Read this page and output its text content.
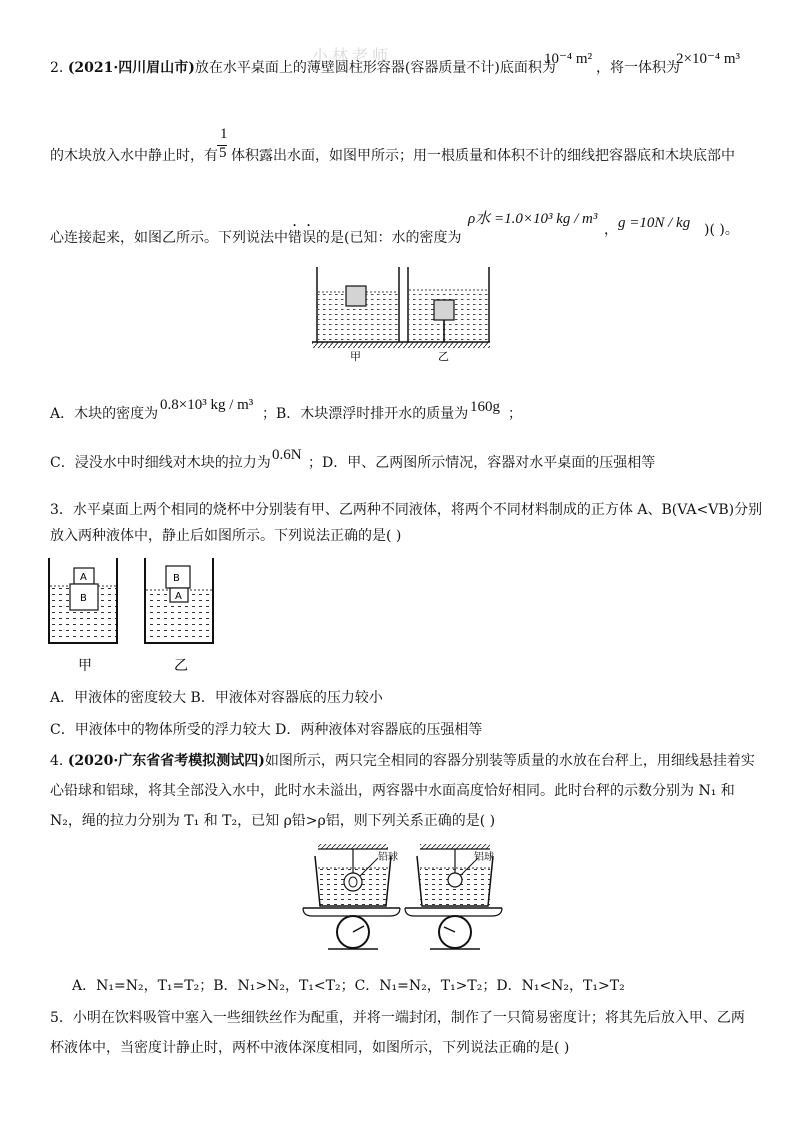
小林老师
2. (2021·四川眉山市)放在水平桌面上的薄壁圆柱形容器(容器质量不计)底面积为
10⁻⁴ m²
，将一体积为
2×10⁻⁴ m³
的木块放入水中静止时，有
1
5 体积露出水面，如图甲所示；用一根质量和体积不计的细线把容器底和木块底部中
心连接起来，如图乙所示。下列说法中错误的是(已知：水的密度为
ρ水 =1.0×10³ kg / m³
， g =10N / kg )( )。
甲	乙
A．木块的密度为
0.8×10³ kg / m³
；B．木块漂浮时排开水的质量为 160g ；
C．浸没水中时细线对木块的拉力为 0.6N ；D．甲、乙两图所示情况，容器对水平桌面的压强相等
3．水平桌面上两个相同的烧杯中分别装有甲、乙两种不同液体，将两个不同材料制成的正方体 A、B(VA<VB)分别
放入两种液体中，静止后如图所示。下列说法正确的是( )
A
B
B
A
甲	乙
A．甲液体的密度较大 B．甲液体对容器底的压力较小
C．甲液体中的物体所受的浮力较大 D．两种液体对容器底的压强相等
4. (2020·广东省省考模拟测试四)如图所示，两只完全相同的容器分别装等质量的水放在台秤上，用细线悬挂着实
心铅球和铝球，将其全部没入水中，此时水未溢出，两容器中水面高度恰好相同。此时台秤的示数分别为 N₁ 和
N₂，绳的拉力分别为 T₁ 和 T₂，已知 ρ铅>ρ铝，则下列关系正确的是( )
铅球	铝球
A．N₁=N₂，T₁=T₂；B．N₁>N₂，T₁<T₂；C．N₁=N₂，T₁>T₂；D．N₁<N₂，T₁>T₂
5．小明在饮料吸管中塞入一些细铁丝作为配重，并将一端封闭，制作了一只简易密度计；将其先后放入甲、乙两
杯液体中，当密度计静止时，两杯中液体深度相同，如图所示，下列说法正确的是( )
